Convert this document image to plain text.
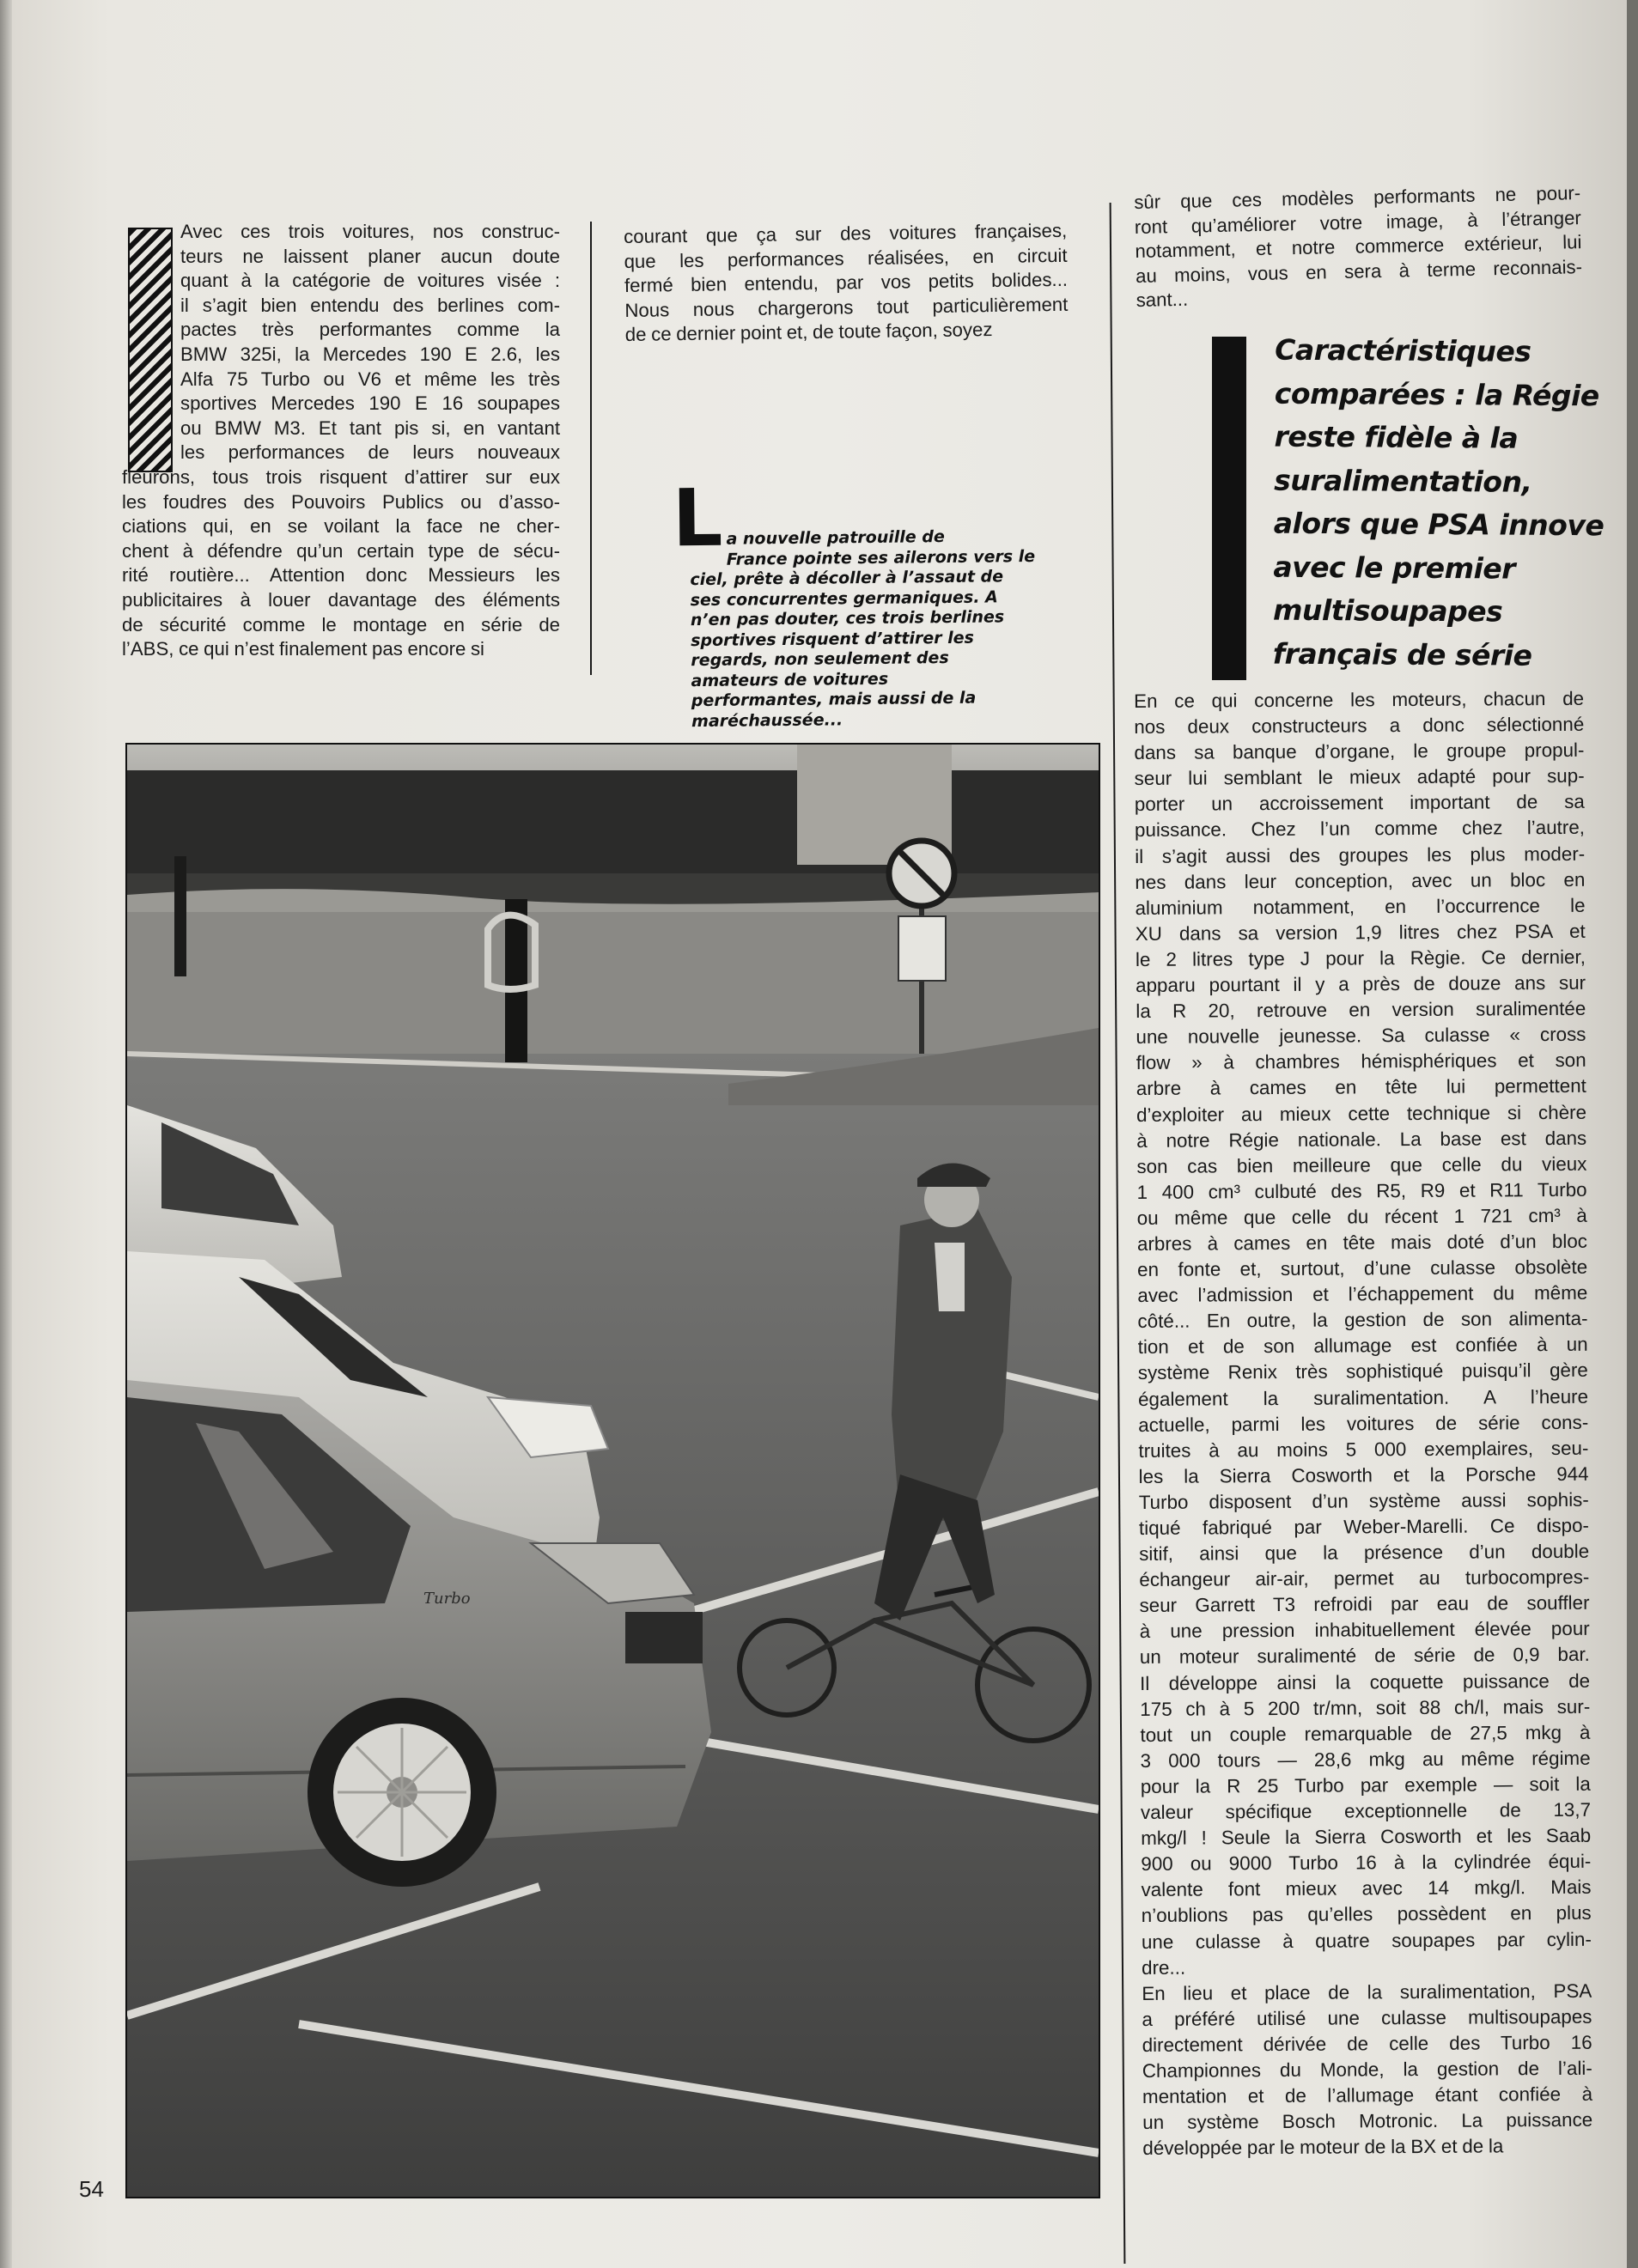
Avec ces trois voitures, nos construc-
teurs ne laissent planer aucun doute
quant à la catégorie de voitures visée :
il s’agit bien entendu des berlines com-
pactes très performantes comme la
BMW 325i, la Mercedes 190 E 2.6, les
Alfa 75 Turbo ou V6 et même les très
sportives Mercedes 190 E 16 soupapes
ou BMW M3. Et tant pis si, en vantant
les performances de leurs nouveaux
fleurons, tous trois risquent d’attirer sur eux
les foudres des Pouvoirs Publics ou d’asso-
ciations qui, en se voilant la face ne cher-
chent à défendre qu’un certain type de sécu-
rité routière... Attention donc Messieurs les
publicitaires à louer davantage des éléments
de sécurité comme le montage en série de
l’ABS, ce qui n’est finalement pas encore si
courant que ça sur des voitures françaises,
que les performances réalisées, en circuit
fermé bien entendu, par vos petits bolides...
Nous nous chargerons tout particulièrement
de ce dernier point et, de toute façon, soyez
L a nouvelle patrouille de
France pointe ses ailerons vers le
ciel, prête à décoller à l’assaut de
ses concurrentes germaniques. A
n’en pas douter, ces trois berlines
sportives risquent d’attirer les
regards, non seulement des
amateurs de voitures
performantes, mais aussi de la
maréchaussée...
sûr que ces modèles performants ne pour-
ront qu’améliorer votre image, à l’étranger
notamment, et notre commerce extérieur, lui
au moins, vous en sera à terme reconnais-
sant...
Caractéristiques
comparées : la Régie
reste fidèle à la
suralimentation,
alors que PSA innove
avec le premier
multisoupapes
français de série
En ce qui concerne les moteurs, chacun de
nos deux constructeurs a donc sélectionné
dans sa banque d’organe, le groupe propul-
seur lui semblant le mieux adapté pour sup-
porter un accroissement important de sa
puissance. Chez l’un comme chez l’autre,
il s’agit aussi des groupes les plus moder-
nes dans leur conception, avec un bloc en
aluminium notamment, en l’occurrence le
XU dans sa version 1,9 litres chez PSA et
le 2 litres type J pour la Règie. Ce dernier,
apparu pourtant il y a près de douze ans sur
la R 20, retrouve en version suralimentée
une nouvelle jeunesse. Sa culasse « cross
flow » à chambres hémisphériques et son
arbre à cames en tête lui permettent
d’exploiter au mieux cette technique si chère
à notre Régie nationale. La base est dans
son cas bien meilleure que celle du vieux
1 400 cm³ culbuté des R5, R9 et R11 Turbo
ou même que celle du récent 1 721 cm³ à
arbres à cames en tête mais doté d’un bloc
en fonte et, surtout, d’une culasse obsolète
avec l’admission et l’échappement du même
côté... En outre, la gestion de son alimenta-
tion et de son allumage est confiée à un
système Renix très sophistiqué puisqu’il gère
également la suralimentation. A l’heure
actuelle, parmi les voitures de série cons-
truites à au moins 5 000 exemplaires, seu-
les la Sierra Cosworth et la Porsche 944
Turbo disposent d’un système aussi sophis-
tiqué fabriqué par Weber-Marelli. Ce dispo-
sitif, ainsi que la présence d’un double
échangeur air-air, permet au turbocompres-
seur Garrett T3 refroidi par eau de souffler
à une pression inhabituellement élevée pour
un moteur suralimenté de série de 0,9 bar.
Il développe ainsi la coquette puissance de
175 ch à 5 200 tr/mn, soit 88 ch/l, mais sur-
tout un couple remarquable de 27,5 mkg à
3 000 tours — 28,6 mkg au même régime
pour la R 25 Turbo par exemple — soit la
valeur spécifique exceptionnelle de 13,7
mkg/l ! Seule la Sierra Cosworth et les Saab
900 ou 9000 Turbo 16 à la cylindrée équi-
valente font mieux avec 14 mkg/l. Mais
n’oublions pas qu’elles possèdent en plus
une culasse à quatre soupapes par cylin-
dre...
En lieu et place de la suralimentation, PSA
a préféré utilisé une culasse multisoupapes
directement dérivée de celle des Turbo 16
Championnes du Monde, la gestion de l’ali-
mentation et de l’allumage étant confiée à
un système Bosch Motronic. La puissance
développée par le moteur de la BX et de la
Turbo
54
